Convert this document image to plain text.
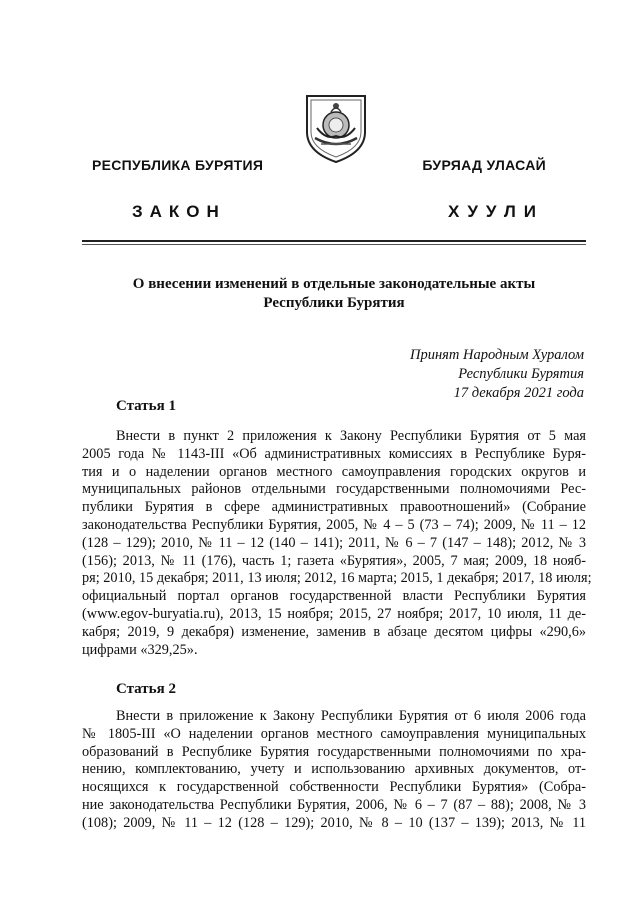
РЕСПУБЛИКА БУРЯТИЯ	БУРЯАД УЛАСАЙ
ЗАКОН	ХУУЛИ
О внесении изменений в отдельные законодательные акты
Республики Бурятия
Принят Народным Хуралом
Республики Бурятия
17 декабря 2021 года
Статья 1

Внести в пункт 2 приложения к Закону Республики Бурятия от 5 мая

2005 года № 1143-III «Об административных комиссиях в Республике Буря-

тия и о наделении органов местного самоуправления городских округов и

муниципальных районов отдельными государственными полномочиями Рес-

публики Бурятия в сфере административных правоотношений» (Собрание

законодательства Республики Бурятия, 2005, № 4 – 5 (73 – 74); 2009, № 11 – 12

(128 – 129); 2010, № 11 – 12 (140 – 141); 2011, № 6 – 7 (147 – 148); 2012, № 3

(156); 2013, № 11 (176), часть 1; газета «Бурятия», 2005, 7 мая; 2009, 18 нояб-

ря; 2010, 15 декабря; 2011, 13 июля; 2012, 16 марта; 2015, 1 декабря; 2017, 18 июля;

официальный портал органов государственной власти Республики Бурятия

(www.egov-buryatia.ru), 2013, 15 ноября; 2015, 27 ноября; 2017, 10 июля, 11 де-

кабря; 2019, 9 декабря) изменение, заменив в абзаце десятом цифры «290,6»

цифрами «329,25».

Статья 2

Внести в приложение к Закону Республики Бурятия от 6 июля 2006 года

№ 1805-III «О наделении органов местного самоуправления муниципальных

образований в Республике Бурятия государственными полномочиями по хра-

нению, комплектованию, учету и использованию архивных документов, от-

носящихся к государственной собственности Республики Бурятия» (Собра-

ние законодательства Республики Бурятия, 2006, № 6 – 7 (87 – 88); 2008, № 3

(108); 2009, № 11 – 12 (128 – 129); 2010, № 8 – 10 (137 – 139); 2013, № 11
